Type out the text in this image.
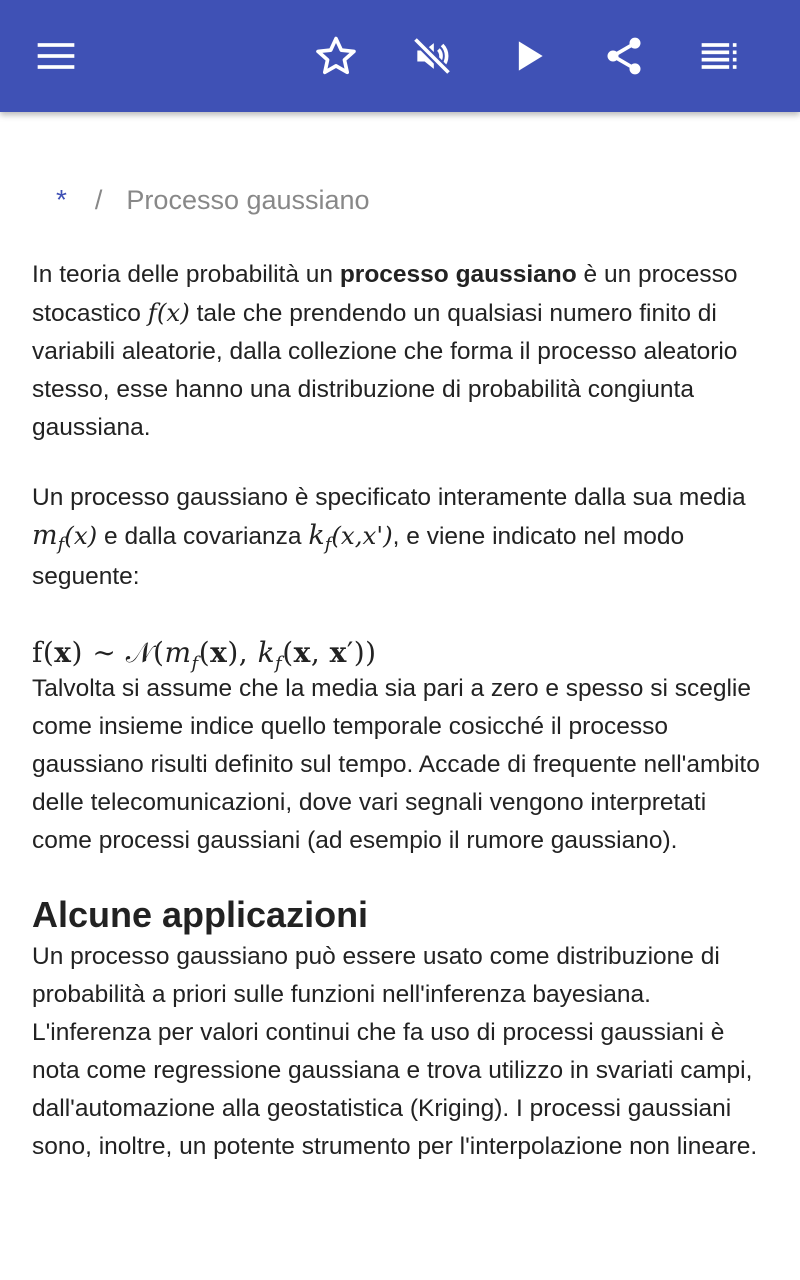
* / Processo gaussiano

In teoria delle probabilità un processo gaussiano è un processo stocastico f(x) tale che prendendo un qualsiasi numero finito di variabili aleatorie, dalla collezione che forma il processo aleatorio stesso, esse hanno una distribuzione di probabilità congiunta gaussiana.

Un processo gaussiano è specificato interamente dalla sua media $m_f(x)$ e dalla covarianza $k_f(x,x')$, e viene indicato nel modo seguente:

f(x) ∼ $𝒩(m_f(x)$, $k_f(x$, x′))

Talvolta si assume che la media sia pari a zero e spesso si sceglie come insieme indice quello temporale cosicché il processo gaussiano risulti definito sul tempo. Accade di frequente nell'ambito delle telecomunicazioni, dove vari segnali vengono interpretati come processi gaussiani (ad esempio il rumore gaussiano).

Alcune applicazioni

Un processo gaussiano può essere usato come distribuzione di probabilità a priori sulle funzioni nell'inferenza bayesiana. L'inferenza per valori continui che fa uso di processi gaussiani è nota come regressione gaussiana e trova utilizzo in svariati campi, dall'automazione alla geostatistica (Kriging). I processi gaussiani sono, inoltre, un potente strumento per l'interpolazione non lineare.
